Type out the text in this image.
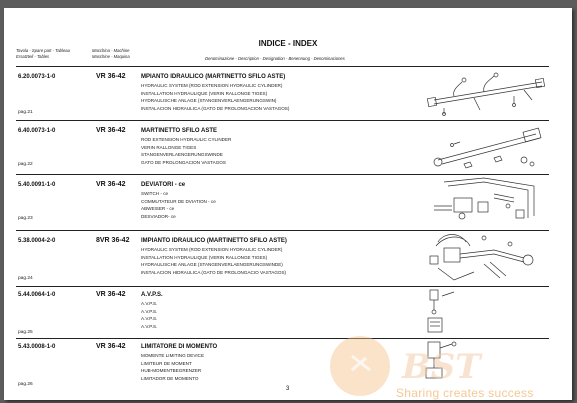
INDICE - INDEX
Tavola - Spare part - Tableau
Ersatzteil - Tables
Macchina - Machine
Maschine - Maquina	Denominazione - Description - Designation - Benennung - Denominaciones
6.20.0073-1-0	VR 36-42	MPIANTO IDRAULICO (MARTINETTO SFILO ASTE)
HYDRAULIC SYSTEM (ROD EXTENSION HYDRAULIC CYLINDER)
INSTALLATION HYDRAULIQUE (VERIN RALLONGE TIGES)
HYDRAULISCHE ANLAGE (STANGENVERLAENGERUNGSWIN)
INSTALACION HIDRAULICA (GATO DE PROLONGACION VASTAGOS)
pag.21
6.40.0073-1-0	VR 36-42	MARTINETTO SFILO ASTE
ROD EXTENSION HYDRAULIC CYLINDER
VERIN RALLONGE TIGES
STANGENVERLAENGERUNGSWINDE
GATO DE PROLONGACION VASTAGOS
pag.22
5.40.0091-1-0	VR 36-42	DEVIATORI - ce
SWITCH - ce
COMMUTATEUR DE DVIATION - ce
ABWEISER - ce
DESVIADOR- ce
pag.23
5.38.0004-2-0	8VR 36-42 IMPIANTO IDRAULICO (MARTINETTO SFILO ASTE)
HYDRAULIC SYSTEM (ROD EXTENSION HYDRAULIC CYLINDER)
INSTALLATION HYDRAULIQUE (VERIN RALLONGE TIGES)
HYDRAULISCHE ANLAGE (STANGENVERLAENGERUNGSWINDE)
INSTALACION HIDRAULICA (GATO DE PROLONGACIO VASTAGOS)
pag.24
5.44.0064-1-0	VR 36-42	A.V.P.S.
A.V.P.S.
A.V.P.S.
A.V.P.S.
A.V.P.S.
pag.25
5.43.0008-1-0	VR 36-42	LIMITATORE DI MOMENTO
MOMENTE LIMITING DEVICE
LIMITEUR DE MOMENT
HUB-MOMENTBEGRENZER
LIMITADOR DE MOMENTO
pag.26
3
BST
Sharing creates success
